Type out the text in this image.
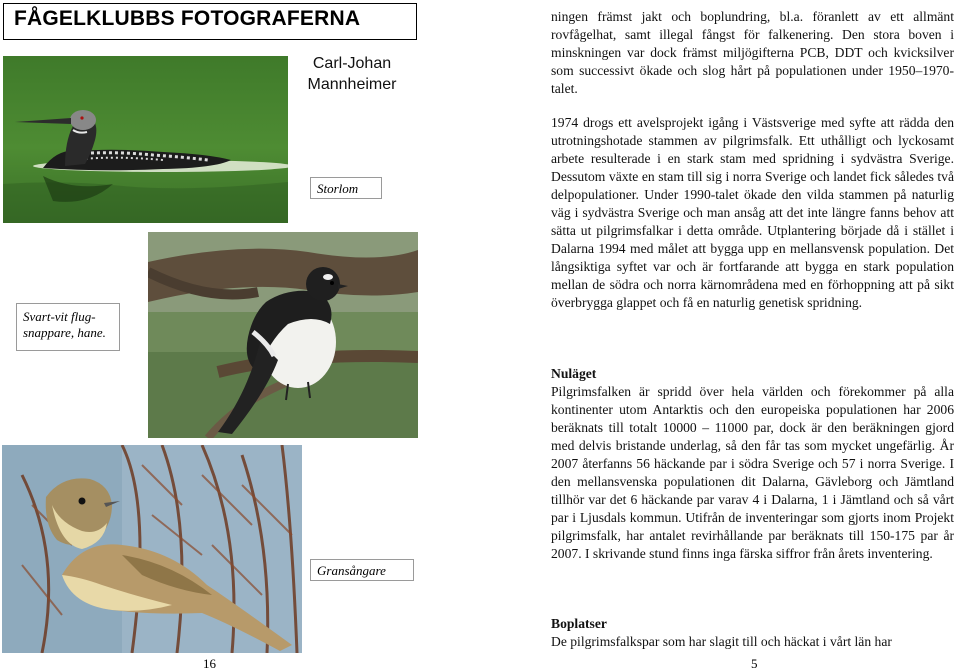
FÅGELKLUBBS FOTOGRAFERNA
Carl-Johan Mannheimer
Storlom
Svart-vit flug-snappare, hane.
Gransångare

ningen främst jakt och boplundring, bl.a. föranlett av ett allmänt rovfågelhat, samt illegal fångst för falkenering. Den stora boven i minskningen var dock främst miljögifterna PCB, DDT och kvicksilver som successivt ökade och slog hårt på populationen under 1950–1970-talet.

1974 drogs ett avelsprojekt igång i Västsverige med syfte att rädda den utrotningshotade stammen av pilgrimsfalk. Ett uthålligt och lyckosamt arbete resulterade i en stark stam med spridning i sydvästra Sverige. Dessutom växte en stam till sig i norra Sverige och landet fick således två delpopulationer. Under 1990-talet ökade den vilda stammen på naturlig väg i sydvästra Sverige och man ansåg att det inte längre fanns behov att sätta ut pilgrimsfalkar i detta område. Utplantering började då i stället i Dalarna 1994 med målet att bygga upp en mellansvensk population. Det långsiktiga syftet var och är fortfarande att bygga en stark population mellan de södra och norra kärnområdena med en förhoppning att på sikt överbrygga glappet och få en naturlig genetisk spridning.

Nuläget

Pilgrimsfalken är spridd över hela världen och förekommer på alla kontinenter utom Antarktis och den europeiska populationen har 2006 beräknats till totalt 10000 – 11000 par, dock är den beräkningen gjord med delvis bristande underlag, så den får tas som mycket ungefärlig. År 2007 återfanns 56 häckande par i södra Sverige och 57 i norra Sverige. I den mellansvenska populationen dit Dalarna, Gävleborg och Jämtland tillhör var det 6 häckande par varav 4 i Dalarna, 1 i Jämtland och så vårt par i Ljusdals kommun. Utifrån de inventeringar som gjorts inom Projekt pilgrimsfalk, har antalet revirhållande par beräknats till 150-175 par år 2007. I skrivande stund finns inga färska siffror från årets inventering.

Boplatser

De pilgrimsfalkspar som har slagit till och häckat i vårt län har

16	5
